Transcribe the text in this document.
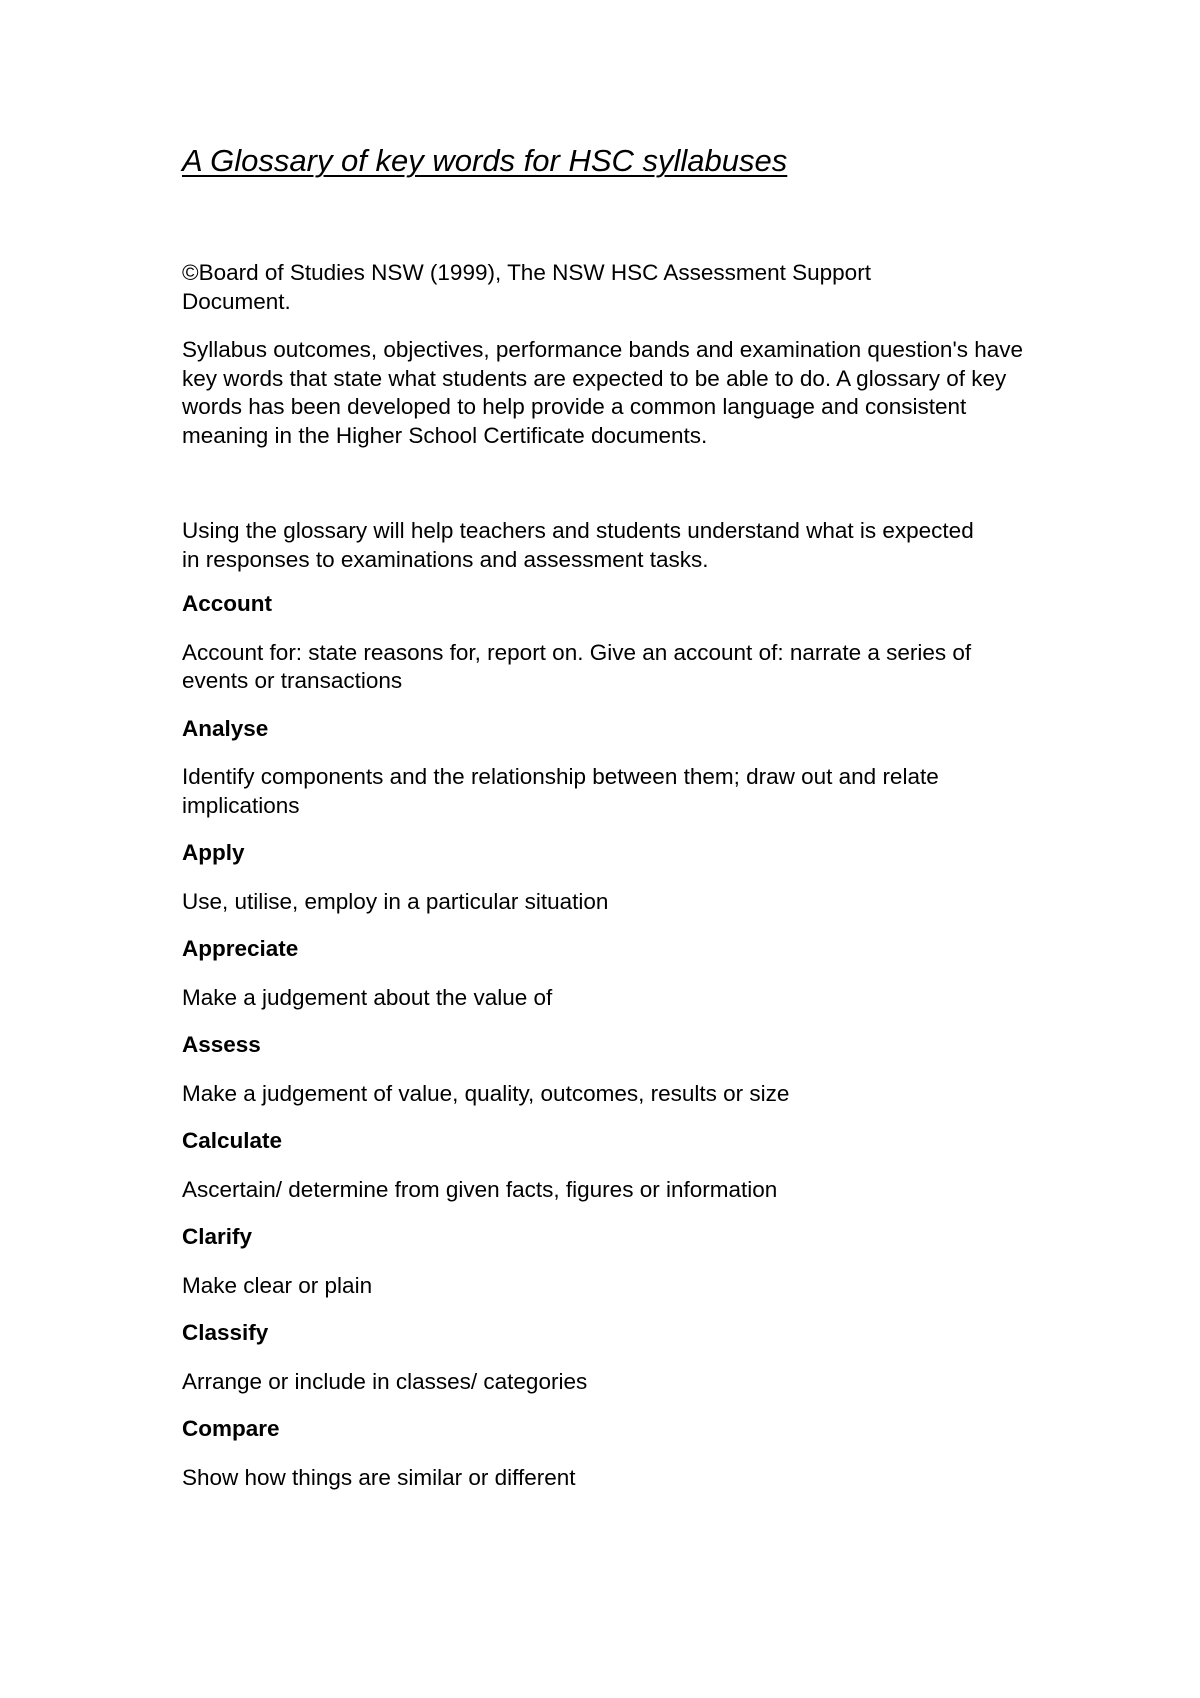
A Glossary of key words for HSC syllabuses

©Board of Studies NSW (1999), The NSW HSC Assessment Support Document.

Syllabus outcomes, objectives, performance bands and examination question's have key words that state what students are expected to be able to do. A glossary of key words has been developed to help provide a common language and consistent meaning in the Higher School Certificate documents.

Using the glossary will help teachers and students understand what is expected in responses to examinations and assessment tasks.

Account

Account for: state reasons for, report on. Give an account of: narrate a series of events or transactions

Analyse

Identify components and the relationship between them; draw out and relate implications

Apply

Use, utilise, employ in a particular situation

Appreciate

Make a judgement about the value of

Assess

Make a judgement of value, quality, outcomes, results or size

Calculate

Ascertain/ determine from given facts, figures or information

Clarify

Make clear or plain

Classify

Arrange or include in classes/ categories

Compare

Show how things are similar or different
